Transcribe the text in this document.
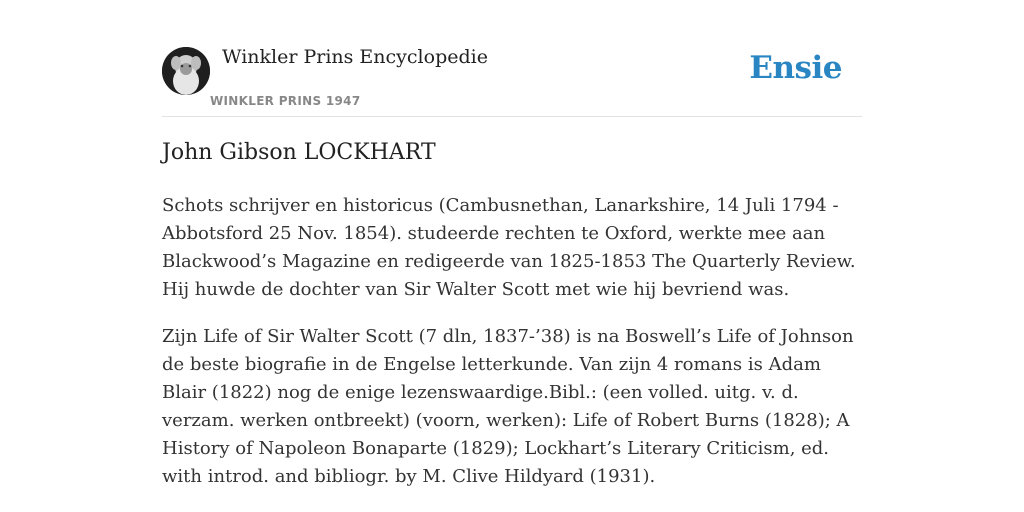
Winkler Prins Encyclopedie
WINKLER PRINS 1947
Ensie
John Gibson LOCKHART

Schots schrijver en historicus (Cambusnethan, Lanarkshire, 14 Juli 1794 - Abbotsford 25 Nov. 1854). studeerde rechten te Oxford, werkte mee aan Blackwood’s Magazine en redigeerde van 1825-1853 The Quarterly Review. Hij huwde de dochter van Sir Walter Scott met wie hij bevriend was.

Zijn Life of Sir Walter Scott (7 dln, 1837-’38) is na Boswell’s Life of Johnson de beste biografie in de Engelse letterkunde. Van zijn 4 romans is Adam Blair (1822) nog de enige lezenswaardige.Bibl.: (een volled. uitg. v. d. verzam. werken ontbreekt) (voorn, werken): Life of Robert Burns (1828); A History of Napoleon Bonaparte (1829); Lockhart’s Literary Criticism, ed. with introd. and bibliogr. by M. Clive Hildyard (1931).
